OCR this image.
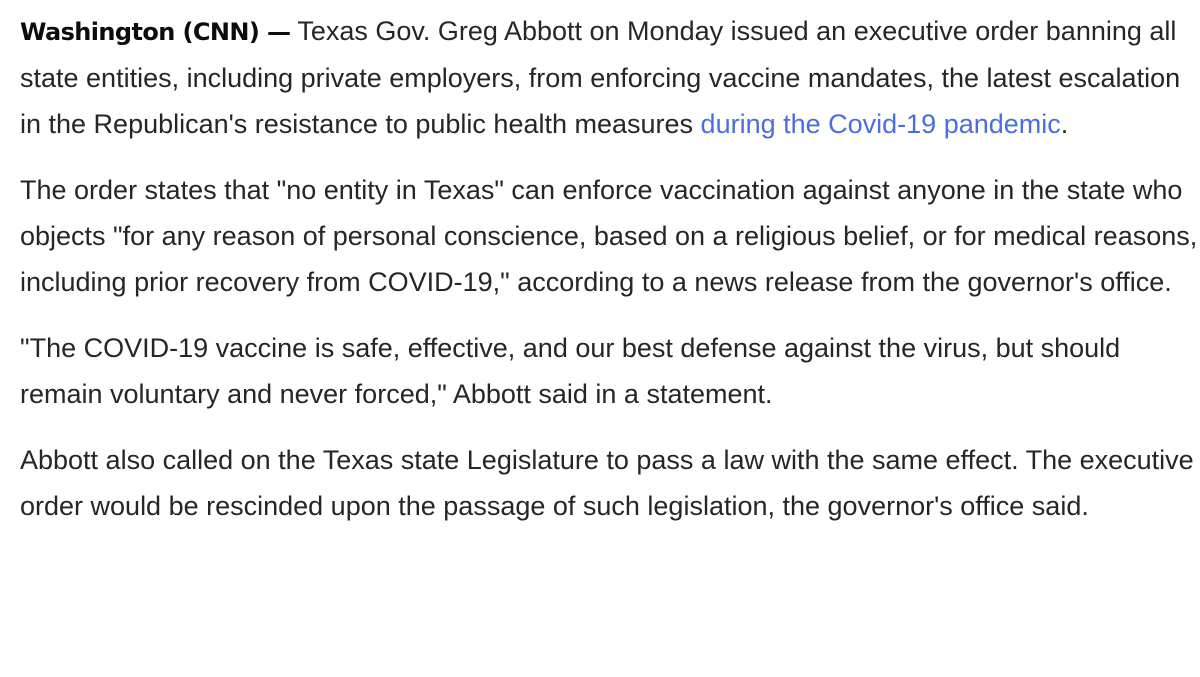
Washington (CNN) — Texas Gov. Greg Abbott on Monday issued an executive order banning all state entities, including private employers, from enforcing vaccine mandates, the latest escalation in the Republican's resistance to public health measures during the Covid-19 pandemic.

The order states that "no entity in Texas" can enforce vaccination against anyone in the state who objects "for any reason of personal conscience, based on a religious belief, or for medical reasons, including prior recovery from COVID-19," according to a news release from the governor's office.

"The COVID-19 vaccine is safe, effective, and our best defense against the virus, but should remain voluntary and never forced," Abbott said in a statement.

Abbott also called on the Texas state Legislature to pass a law with the same effect. The executive order would be rescinded upon the passage of such legislation, the governor's office said.
